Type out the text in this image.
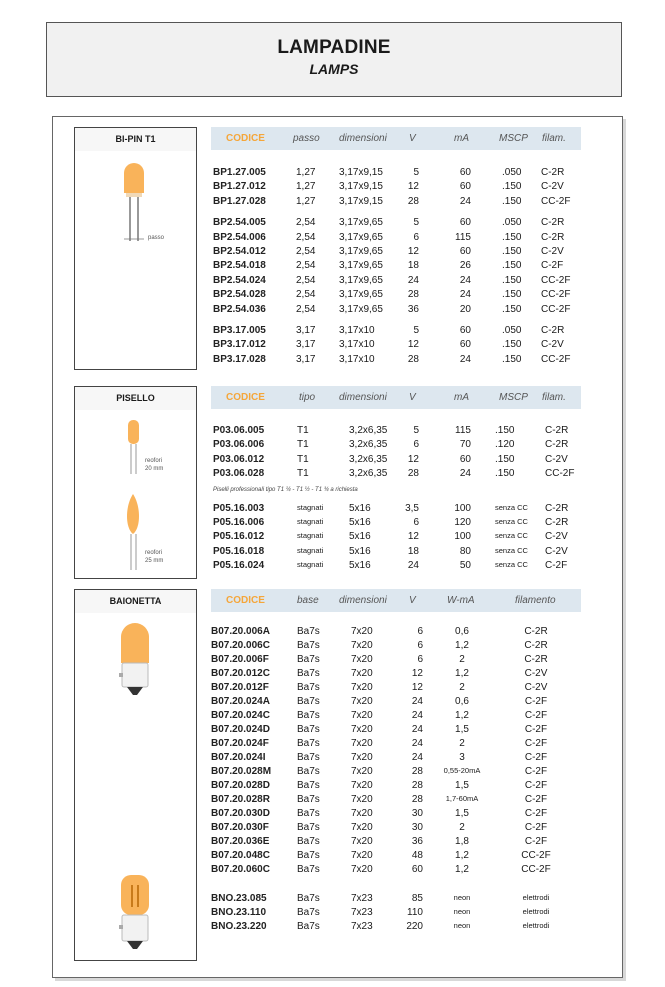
LAMPADINE
LAMPS
BI-PIN T1
passo
CODICE	passo dimensioni V	mA	MSCP filam.
BP1.27.005	1,27 3,17x9,15	5	60	.050 C-2R
BP1.27.012	1,27 3,17x9,15	12	60	.150 C-2V
BP1.27.028	1,27 3,17x9,15	28	24	.150 CC-2F
BP2.54.005	2,54 3,17x9,65	5	60	.050 C-2R
BP2.54.006	2,54 3,17x9,65	6	115	.150 C-2R
BP2.54.012	2,54 3,17x9,65	12	60	.150 C-2V
BP2.54.018	2,54 3,17x9,65	18	26	.150 C-2F
BP2.54.024	2,54 3,17x9,65	24	24	.150 CC-2F
BP2.54.028	2,54 3,17x9,65	28	24	.150 CC-2F
BP2.54.036	2,54 3,17x9,65	36	20	.150 CC-2F
BP3.17.005	3,17 3,17x10	5	60	.050 C-2R
BP3.17.012	3,17 3,17x10	12	60	.150 C-2V
BP3.17.028	3,17 3,17x10	28	24	.150 CC-2F
PISELLO
reofori
20 mm
reofori
25 mm
CODICE	tipo dimensioni V	mA	MSCP filam.
Piselli professionali tipo T1 ¼ - T1 ½ - T1 ¾ a richiesta
P03.06.005	T1	3,2x6,35	5	115 .150	C-2R
P03.06.006	T1	3,2x6,35	6	70 .120	C-2R
P03.06.012	T1	3,2x6,35	12	60 .150	C-2V
P03.06.028	T1	3,2x6,35	28	24 .150	CC-2F
P05.16.003	stagnati	5x16	3,5	100	senza CC C-2R
P05.16.006	stagnati	5x16	6	120	senza CC C-2R
P05.16.012	stagnati	5x16	12	100	senza CC C-2V
P05.16.018	stagnati	5x16	18	80	senza CC C-2V
P05.16.024	stagnati	5x16	24	50	senza CC C-2F
BAIONETTA	CODICE	base dimensioni V	W-mA	filamento
B07.20.006A	Ba7s	7x20	6	0,6	C-2R
B07.20.006C	Ba7s	7x20	6	1,2	C-2R
B07.20.006F	Ba7s	7x20	6	2	C-2R
B07.20.012C	Ba7s	7x20	12	1,2	C-2V
B07.20.012F	Ba7s	7x20	12	2	C-2V
B07.20.024A	Ba7s	7x20	24	0,6	C-2F
B07.20.024C	Ba7s	7x20	24	1,2	C-2F
B07.20.024D	Ba7s	7x20	24	1,5	C-2F
B07.20.024F	Ba7s	7x20	24	2	C-2F
B07.20.024I	Ba7s	7x20	24	3	C-2F
B07.20.028M	Ba7s	7x20	28	0,55-20mA	C-2F
B07.20.028D	Ba7s	7x20	28	1,5	C-2F
B07.20.028R	Ba7s	7x20	28	1,7-60mA	C-2F
B07.20.030D	Ba7s	7x20	30	1,5	C-2F
B07.20.030F	Ba7s	7x20	30	2	C-2F
B07.20.036E	Ba7s	7x20	36	1,8	C-2F
B07.20.048C	Ba7s	7x20	48	1,2	CC-2F
B07.20.060C	Ba7s	7x20	60	1,2	CC-2F
BNO.23.085	Ba7s	7x23	85	neon	elettrodi
BNO.23.110	Ba7s	7x23	110	neon	elettrodi
BNO.23.220	Ba7s	7x23	220	neon	elettrodi
